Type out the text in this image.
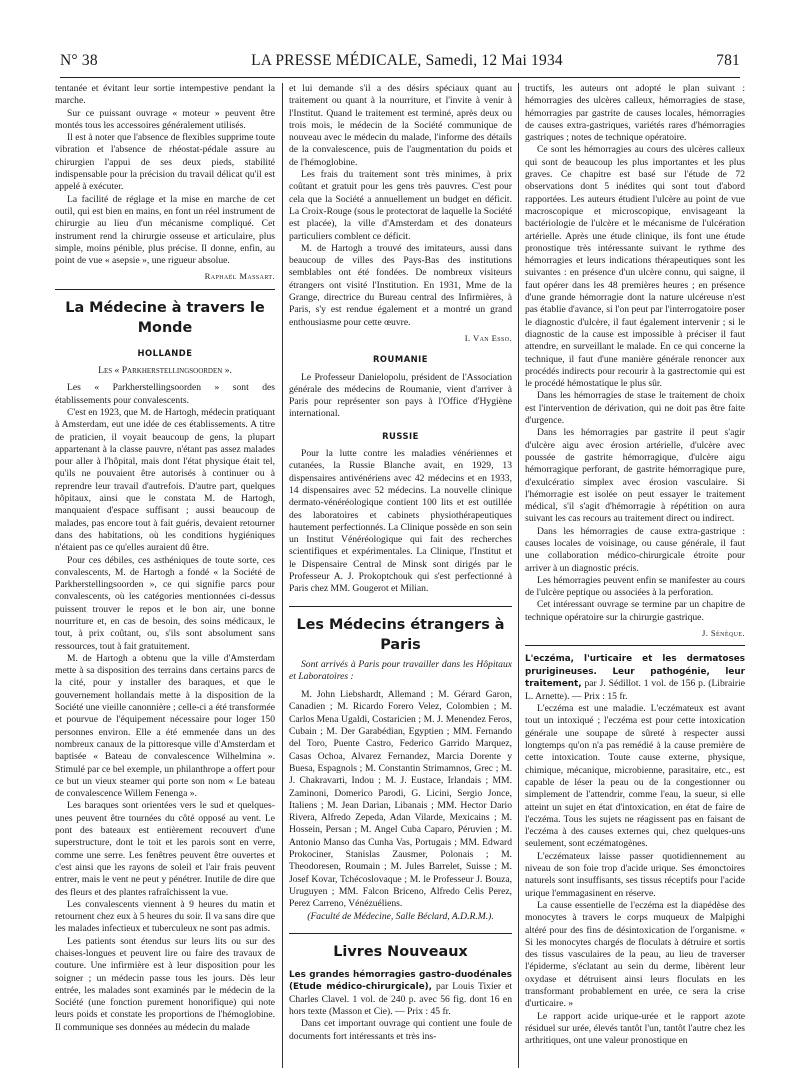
N° 38	LA PRESSE MÉDICALE, Samedi, 12 Mai 1934	781

tentanée et évitant leur sortie intempestive pendant la marche.

Sur ce puissant ouvrage « moteur » peuvent être montés tous les accessoires généralement utilisés.

Il est à noter que l'absence de flexibles supprime toute vibration et l'absence de rhéostat-pédale assure au chirurgien l'appui de ses deux pieds, stabilité indispensable pour la précision du travail délicat qu'il est appelé à exécuter.

La facilité de réglage et la mise en marche de cet outil, qui est bien en mains, en font un réel instrument de chirurgie au lieu d'un mécanisme compliqué. Cet instrument rend la chirurgie osseuse et articulaire, plus simple, moins pénible, plus précise. Il donne, enfin, au point de vue « asepsie », une rigueur absolue.

Raphaël Massart.
La Médecine à travers le Monde
HOLLANDE

Les « Parkherstellingsoorden ».

Les « Parkherstellingsoorden » sont des établissements pour convalescents.

C'est en 1923, que M. de Hartogh, médecin pratiquant à Amsterdam, eut une idée de ces établissements. A titre de praticien, il voyait beaucoup de gens, la plupart appartenant à la classe pauvre, n'étant pas assez malades pour aller à l'hôpital, mais dont l'état physique était tel, qu'ils ne pouvaient être autorisés à continuer ou à reprendre leur travail d'autrefois. D'autre part, quelques hôpitaux, ainsi que le constata M. de Hartogh, manquaient d'espace suffisant ; aussi beaucoup de malades, pas encore tout à fait guéris, devaient retourner dans des habitations, où les conditions hygiéniques n'étaient pas ce qu'elles auraient dû être.

Pour ces débiles, ces asthéniques de toute sorte, ces convalescents, M. de Hartogh a fondé « la Société de Parkherstellingsoorden », ce qui signifie parcs pour convalescents, où les catégories mentionnées ci-dessus puissent trouver le repos et le bon air, une bonne nourriture et, en cas de besoin, des soins médicaux, le tout, à prix coûtant, ou, s'ils sont absolument sans ressources, tout à fait gratuitement.

M. de Hartogh a obtenu que la ville d'Amsterdam mette à sa disposition des terrains dans certains parcs de la cité, pour y installer des baraques, et que le gouvernement hollandais mette à la disposition de la Société une vieille canonnière ; celle-ci a été transformée et pourvue de l'équipement nécessaire pour loger 150 personnes environ. Elle a été emmenée dans un des nombreux canaux de la pittoresque ville d'Amsterdam et baptisée « Bateau de convalescence Wilhelmina ». Stimulé par ce bel exemple, un philanthrope a offert pour ce but un vieux steamer qui porte son nom « Le bateau de convalescence Willem Fenenga ».

Les baraques sont orientées vers le sud et quelques-unes peuvent être tournées du côté opposé au vent. Le pont des bateaux est entièrement recouvert d'une superstructure, dont le toit et les parois sont en verre, comme une serre. Les fenêtres peuvent être ouvertes et c'est ainsi que les rayons de soleil et l'air frais peuvent entrer, mais le vent ne peut y pénétrer. Inutile de dire que des fleurs et des plantes rafraîchissent la vue.

Les convalescents viennent à 9 heures du matin et retournent chez eux à 5 heures du soir. Il va sans dire que les malades infectieux et tuberculeux ne sont pas admis.

Les patients sont étendus sur leurs lits ou sur des chaises-longues et peuvent lire ou faire des travaux de couture. Une infirmière est à leur disposition pour les soigner ; un médecin passe tous les jours. Dès leur entrée, les malades sont examinés par le médecin de la Société (une fonction purement honorifique) qui note leurs poids et constate les proportions de l'hémoglobine. Il communique ses données au médecin du malade

et lui demande s'il a des désirs spéciaux quant au traitement ou quant à la nourriture, et l'invite à venir à l'Institut. Quand le traitement est terminé, après deux ou trois mois, le médecin de la Société communique de nouveau avec le médecin du malade, l'informe des détails de la convalescence, puis de l'augmentation du poids et de l'hémoglobine.

Les frais du traitement sont très minimes, à prix coûtant et gratuit pour les gens très pauvres. C'est pour cela que la Société a annuellement un budget en déficit. La Croix-Rouge (sous le protectorat de laquelle la Société est placée), la ville d'Amsterdam et des donateurs particuliers comblent ce déficit.

M. de Hartogh a trouvé des imitateurs, aussi dans beaucoup de villes des Pays-Bas des institutions semblables ont été fondées. De nombreux visiteurs étrangers ont visité l'Institution. En 1931, Mme de la Grange, directrice du Bureau central des Infirmières, à Paris, s'y est rendue également et a montré un grand enthousiasme pour cette œuvre.

I. Van Esso.
ROUMANIE

Le Professeur Danielopolu, président de l'Association générale des médecins de Roumanie, vient d'arriver à Paris pour représenter son pays à l'Office d'Hygiène international.

RUSSIE

Pour la lutte contre les maladies vénériennes et cutanées, la Russie Blanche avait, en 1929, 13 dispensaires antivénériens avec 42 médecins et en 1933, 14 dispensaires avec 52 médecins. La nouvelle clinique dermato-vénéréologique contient 100 lits et est outillée des laboratoires et cabinets physiothérapeutiques hautement perfectionnés. La Clinique possède en son sein un Institut Vénéréologique qui fait des recherches scientifiques et expérimentales. La Clinique, l'Institut et le Dispensaire Central de Minsk sont dirigés par le Professeur A. J. Prokoptchouk qui s'est perfectionné à Paris chez MM. Gougerot et Milian.

Les Médecins étrangers à Paris

Sont arrivés à Paris pour travailler dans les Hôpitaux et Laboratoires :

M. John Liebshardt, Allemand ; M. Gérard Garon, Canadien ; M. Ricardo Forero Velez, Colombien ; M. Carlos Mena Ugaldi, Costaricien ; M. J. Menendez Feros, Cubain ; M. Der Garabédian, Egyptien ; MM. Fernando del Toro, Puente Castro, Federico Garrido Marquez, Casas Ochoa, Alvarez Fernandez, Marcia Dorente y Buesa, Espagnols ; M. Constantin Strimamnos, Grec ; M. J. Chakravarti, Indou ; M. J. Eustace, Irlandais ; MM. Zaminoni, Domerico Parodi, G. Licini, Sergio Jonce, Italiens ; M. Jean Darian, Libanais ; MM. Hector Dario Rivera, Alfredo Zepeda, Adan Vilarde, Mexicains ; M. Hossein, Persan ; M. Angel Cuba Caparo, Péruvien ; M. Antonio Manso das Cunha Vas, Portugais ; MM. Edward Prokociner, Stanislas Zausmer, Polonais ; M. Theodoresen, Roumain ; M. Jules Barrelet, Suisse ; M. Josef Kovar, Tchécoslovaque ; M. le Professeur J. Bouza, Uruguyen ; MM. Falcon Briceno, Alfredo Celis Perez, Perez Carreno, Vénézuéliens.

(Faculté de Médecine, Salle Béclard, A.D.R.M.).

Livres Nouveaux

Les grandes hémorragies gastro-duodénales (Etude médico-chirurgicale), par Louis Tixier et Charles Clavel. 1 vol. de 240 p. avec 56 fig. dont 16 en hors texte (Masson et Cie). — Prix : 45 fr.

Dans cet important ouvrage qui contient une foule de documents fort intéressants et très ins-

tructifs, les auteurs ont adopté le plan suivant : hémorragies des ulcères calleux, hémorragies de stase, hémorragies par gastrite de causes locales, hémorragies de causes extra-gastriques, variétés rares d'hémorragies gastriques ; notes de technique opératoire.

Ce sont les hémorragies au cours des ulcères calleux qui sont de beaucoup les plus importantes et les plus graves. Ce chapitre est basé sur l'étude de 72 observations dont 5 inédites qui sont tout d'abord rapportées. Les auteurs étudient l'ulcère au point de vue macroscopique et microscopique, envisageant la bactériologie de l'ulcère et le mécanisme de l'ulcération artérielle. Après une étude clinique, ils font une étude pronostique très intéressante suivant le rythme des hémorragies et leurs indications thérapeutiques sont les suivantes : en présence d'un ulcère connu, qui saigne, il faut opérer dans les 48 premières heures ; en présence d'une grande hémorragie dont la nature ulcéreuse n'est pas établie d'avance, si l'on peut par l'interrogatoire poser le diagnostic d'ulcère, il faut également intervenir ; si le diagnostic de la cause est impossible à préciser il faut attendre, en surveillant le malade. En ce qui concerne la technique, il faut d'une manière générale renoncer aux procédés indirects pour recourir à la gastrectomie qui est le procédé hémostatique le plus sûr.

Dans les hémorragies de stase le traitement de choix est l'intervention de dérivation, qui ne doit pas être faite d'urgence.

Dans les hémorragies par gastrite il peut s'agir d'ulcère aigu avec érosion artérielle, d'ulcère avec poussée de gastrite hémorragique, d'ulcère aigu hémorragique perforant, de gastrite hémorragique pure, d'exulcératio simplex avec érosion vasculaire. Si l'hémorragie est isolée on peut essayer le traitement médical, s'il s'agit d'hémorragie à répétition on aura suivant les cas recours au traitement direct ou indirect.

Dans les hémorragies de cause extra-gastrique : causes locales de voisinage, ou cause générale, il faut une collaboration médico-chirurgicale étroite pour arriver à un diagnostic précis.

Les hémorragies peuvent enfin se manifester au cours de l'ulcère peptique ou associées à la perforation.

Cet intéressant ouvrage se termine par un chapitre de technique opératoire sur la chirurgie gastrique.

J. Sénèque.

L'eczéma, l'urticaire et les dermatoses prurigineuses. Leur pathogénie, leur traitement, par J. Sédillot. 1 vol. de 156 p. (Librairie L. Arnette). — Prix : 15 fr.

L'eczéma est une maladie. L'eczémateux est avant tout un intoxiqué ; l'eczéma est pour cette intoxication générale une soupape de sûreté à respecter aussi longtemps qu'on n'a pas remédié à la cause première de cette intoxication. Toute cause externe, physique, chimique, mécanique, microbienne, parasitaire, etc., est capable de léser la peau ou de la congestionner ou simplement de l'attendrir, comme l'eau, la sueur, si elle atteint un sujet en état d'intoxication, en état de faire de l'eczéma. Tous les sujets ne réagissent pas en faisant de l'eczéma à des causes externes qui, chez quelques-uns seulement, sont eczématogènes.

L'eczémateux laisse passer quotidiennement au niveau de son foie trop d'acide urique. Ses émonctoires naturels sont insuffisants, ses tissus réceptifs pour l'acide urique l'emmagasinent en réserve.

La cause essentielle de l'eczéma est la diapédèse des monocytes à travers le corps muqueux de Malpighi altéré pour des fins de désintoxication de l'organisme. « Si les monocytes chargés de floculats à détruire et sortis des tissus vasculaires de la peau, au lieu de traverser l'épiderme, s'éclatant au sein du derme, libèrent leur oxydase et détruisent ainsi leurs floculats en les transformant probablement en urée, ce sera la crise d'urticaire. »

Le rapport acide urique-urée et le rapport azote résiduel sur urée, élevés tantôt l'un, tantôt l'autre chez les arthritiques, ont une valeur pronostique en
